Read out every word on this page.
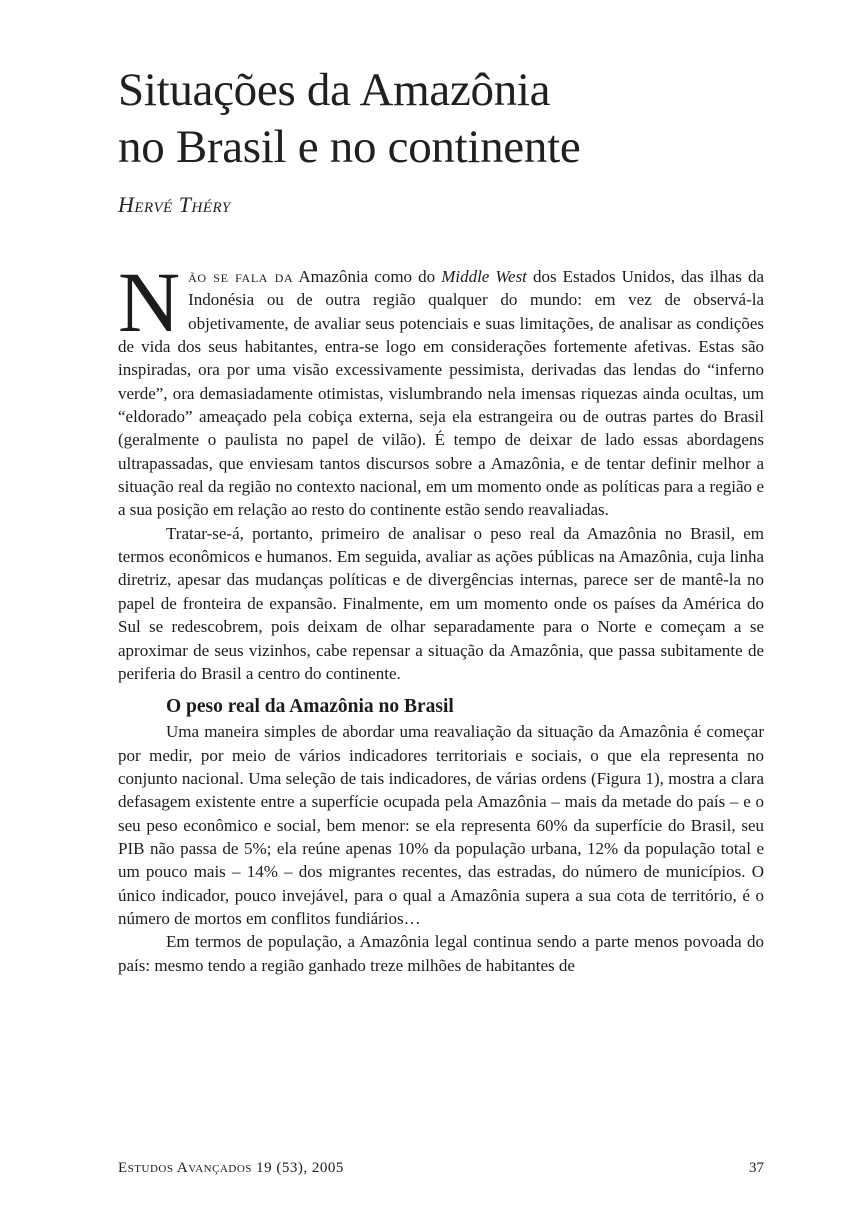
Situações da Amazônia
no Brasil e no continente
Hervé Théry

Não se fala da Amazônia como do Middle West dos Estados Unidos, das ilhas da Indonésia ou de outra região qualquer do mundo: em vez de observá-la objetivamente, de avaliar seus potenciais e suas limitações, de analisar as condições de vida dos seus habitantes, entra-se logo em considerações fortemente afetivas. Estas são inspiradas, ora por uma visão excessivamente pessimista, derivadas das lendas do “inferno verde”, ora demasiadamente otimistas, vislumbrando nela imensas riquezas ainda ocultas, um “eldorado” ameaçado pela cobiça externa, seja ela estrangeira ou de outras partes do Brasil (geralmente o paulista no papel de vilão). É tempo de deixar de lado essas abordagens ultrapassadas, que enviesam tantos discursos sobre a Amazônia, e de tentar definir melhor a situação real da região no contexto nacional, em um momento onde as políticas para a região e a sua posição em relação ao resto do continente estão sendo reavaliadas.

Tratar-se-á, portanto, primeiro de analisar o peso real da Amazônia no Brasil, em termos econômicos e humanos. Em seguida, avaliar as ações públicas na Amazônia, cuja linha diretriz, apesar das mudanças políticas e de divergências internas, parece ser de mantê-la no papel de fronteira de expansão. Finalmente, em um momento onde os países da América do Sul se redescobrem, pois deixam de olhar separadamente para o Norte e começam a se aproximar de seus vizinhos, cabe repensar a situação da Amazônia, que passa subitamente de periferia do Brasil a centro do continente.

O peso real da Amazônia no Brasil

Uma maneira simples de abordar uma reavaliação da situação da Amazônia é começar por medir, por meio de vários indicadores territoriais e sociais, o que ela representa no conjunto nacional. Uma seleção de tais indicadores, de várias ordens (Figura 1), mostra a clara defasagem existente entre a superfície ocupada pela Amazônia – mais da metade do país – e o seu peso econômico e social, bem menor: se ela representa 60% da superfície do Brasil, seu PIB não passa de 5%; ela reúne apenas 10% da população urbana, 12% da população total e um pouco mais – 14% – dos migrantes recentes, das estradas, do número de municípios. O único indicador, pouco invejável, para o qual a Amazônia supera a sua cota de território, é o número de mortos em conflitos fundiários…

Em termos de população, a Amazônia legal continua sendo a parte menos povoada do país: mesmo tendo a região ganhado treze milhões de habitantes de

Estudos Avançados 19 (53), 2005	37
